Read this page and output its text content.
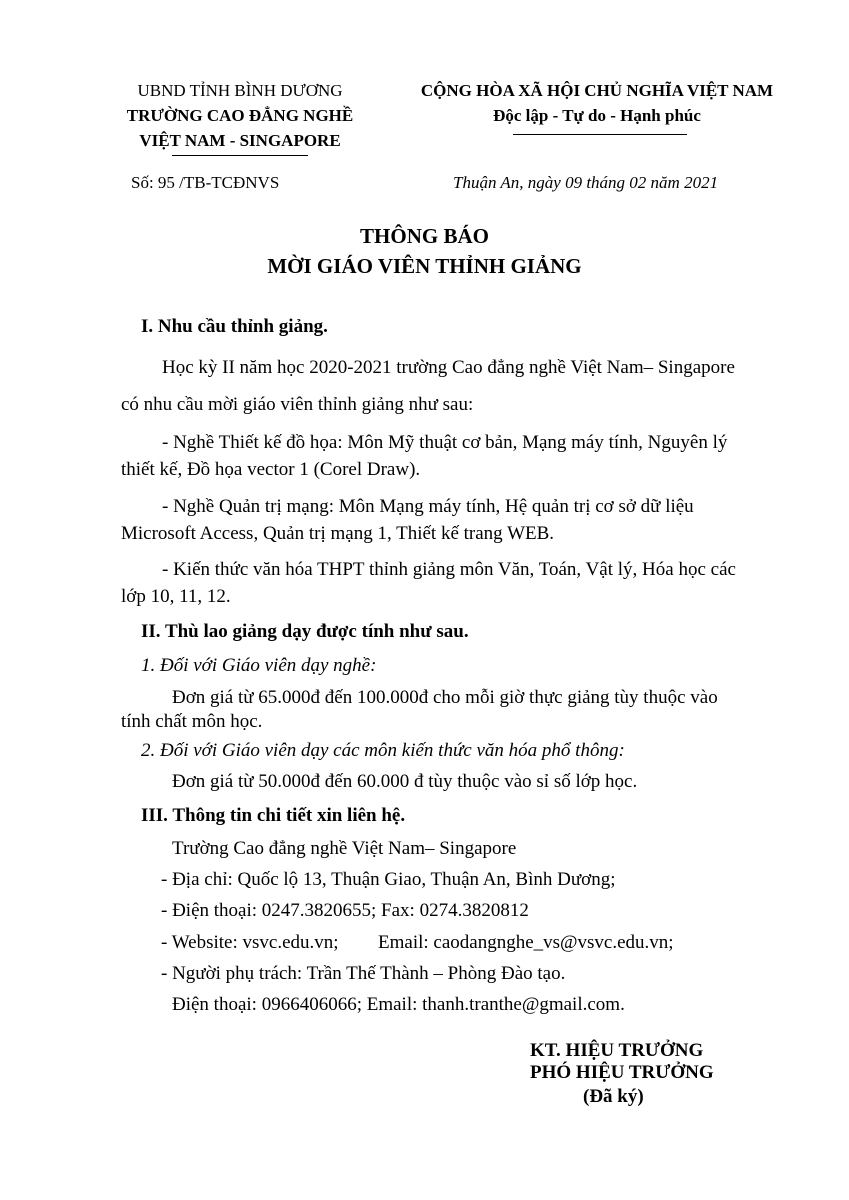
UBND TỈNH BÌNH DƯƠNG
TRƯỜNG CAO ĐẲNG NGHỀ
VIỆT NAM - SINGAPORE
CỘNG HÒA XÃ HỘI CHỦ NGHĨA VIỆT NAM
Độc lập - Tự do - Hạnh phúc
Số: 95 /TB-TCĐNVS	Thuận An, ngày 09 tháng 02 năm 2021
THÔNG BÁO
MỜI GIÁO VIÊN THỈNH GIẢNG
I. Nhu cầu thỉnh giảng.
Học kỳ II năm học 2020-2021 trường Cao đẳng nghề Việt Nam– Singapore
có nhu cầu mời giáo viên thỉnh giảng như sau:
- Nghề Thiết kế đồ họa: Môn Mỹ thuật cơ bản, Mạng máy tính, Nguyên lý
thiết kế, Đồ họa vector 1 (Corel Draw).
- Nghề Quản trị mạng: Môn Mạng máy tính, Hệ quản trị cơ sở dữ liệu
Microsoft Access, Quản trị mạng 1, Thiết kế trang WEB.
- Kiến thức văn hóa THPT thỉnh giảng môn Văn, Toán, Vật lý, Hóa học các
lớp 10, 11, 12.
II. Thù lao giảng dạy được tính như sau.
1. Đối với Giáo viên dạy nghề:
Đơn giá từ 65.000đ đến 100.000đ cho mỗi giờ thực giảng tùy thuộc vào
tính chất môn học.
2. Đối với Giáo viên dạy các môn kiến thức văn hóa phổ thông:
Đơn giá từ 50.000đ đến 60.000 đ tùy thuộc vào sỉ số lớp học.
III. Thông tin chi tiết xin liên hệ.
Trường Cao đẳng nghề Việt Nam– Singapore
- Địa chỉ: Quốc lộ 13, Thuận Giao, Thuận An, Bình Dương;
- Điện thoại: 0247.3820655; Fax: 0274.3820812
- Website: vsvc.edu.vn; Email: caodangnghe_vs@vsvc.edu.vn;
- Người phụ trách: Trần Thế Thành – Phòng Đào tạo.
Điện thoại: 0966406066; Email: thanh.tranthe@gmail.com.
KT. HIỆU TRƯỞNG
PHÓ HIỆU TRƯỞNG
(Đã ký)
